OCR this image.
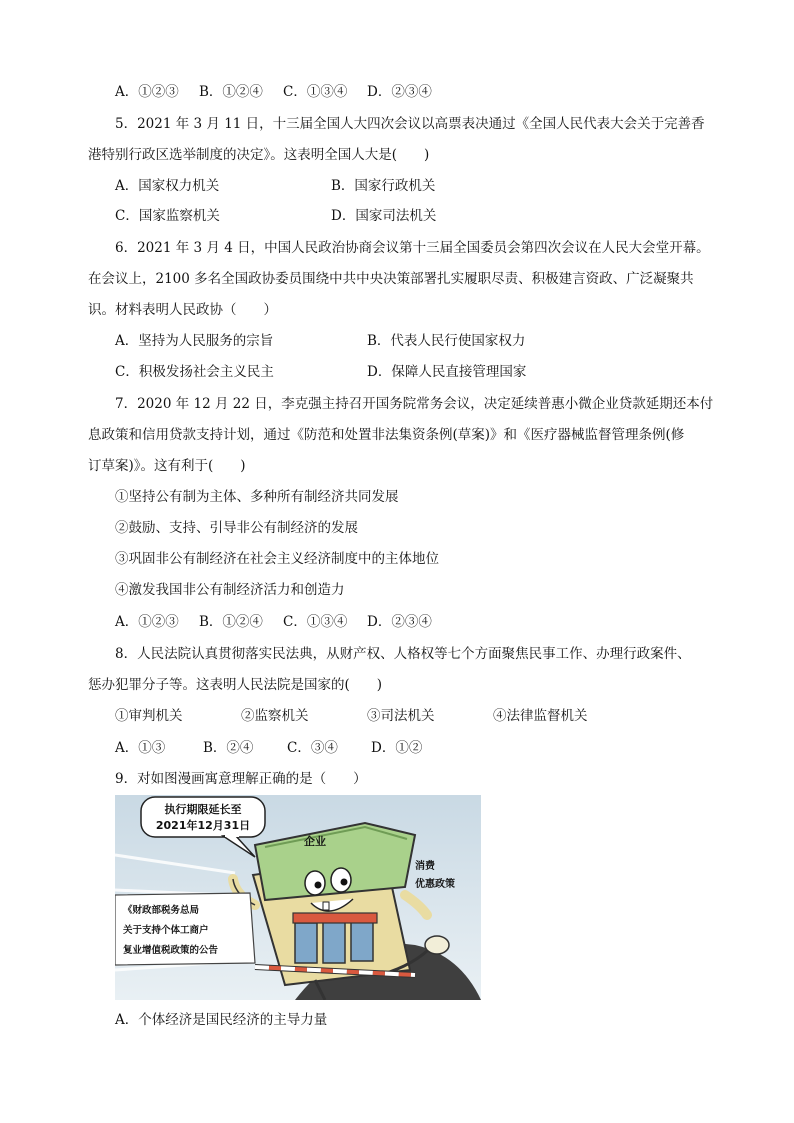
A．①②③ B．①②④ C．①③④ D．②③④
5．2021 年 3 月 11 日，十三届全国人大四次会议以高票表决通过《全国人民代表大会关于完善香
港特别行政区选举制度的决定》。这表明全国人大是(　　)
A．国家权力机关	B．国家行政机关
C．国家监察机关	D．国家司法机关
6．2021 年 3 月 4 日，中国人民政治协商会议第十三届全国委员会第四次会议在人民大会堂开幕。
在会议上，2100 多名全国政协委员围绕中共中央决策部署扎实履职尽责、积极建言资政、广泛凝聚共
识。材料表明人民政协（　　）
A．坚持为人民服务的宗旨	B．代表人民行使国家权力
C．积极发扬社会主义民主	D．保障人民直接管理国家
7．2020 年 12 月 22 日，李克强主持召开国务院常务会议，决定延续普惠小微企业贷款延期还本付
息政策和信用贷款支持计划，通过《防范和处置非法集资条例(草案)》和《医疗器械监督管理条例(修
订草案)》。这有利于(　　)
①坚持公有制为主体、多种所有制经济共同发展
②鼓励、支持、引导非公有制经济的发展
③巩固非公有制经济在社会主义经济制度中的主体地位
④激发我国非公有制经济活力和创造力
A．①②③ B．①②④ C．①③④ D．②③④
8．人民法院认真贯彻落实民法典，从财产权、人格权等七个方面聚焦民事工作、办理行政案件、
惩办犯罪分子等。这表明人民法院是国家的(　　)
①审判机关	②监察机关	③司法机关	④法律监督机关
A．①③	B．②④ C．③④ D．①②
9．对如图漫画寓意理解正确的是（　　）
执行期限延长至
2021年12月31日
企业
消费
优惠政策
《财政部税务总局
关于支持个体工商户
复业增值税政策的公告
A．个体经济是国民经济的主导力量
